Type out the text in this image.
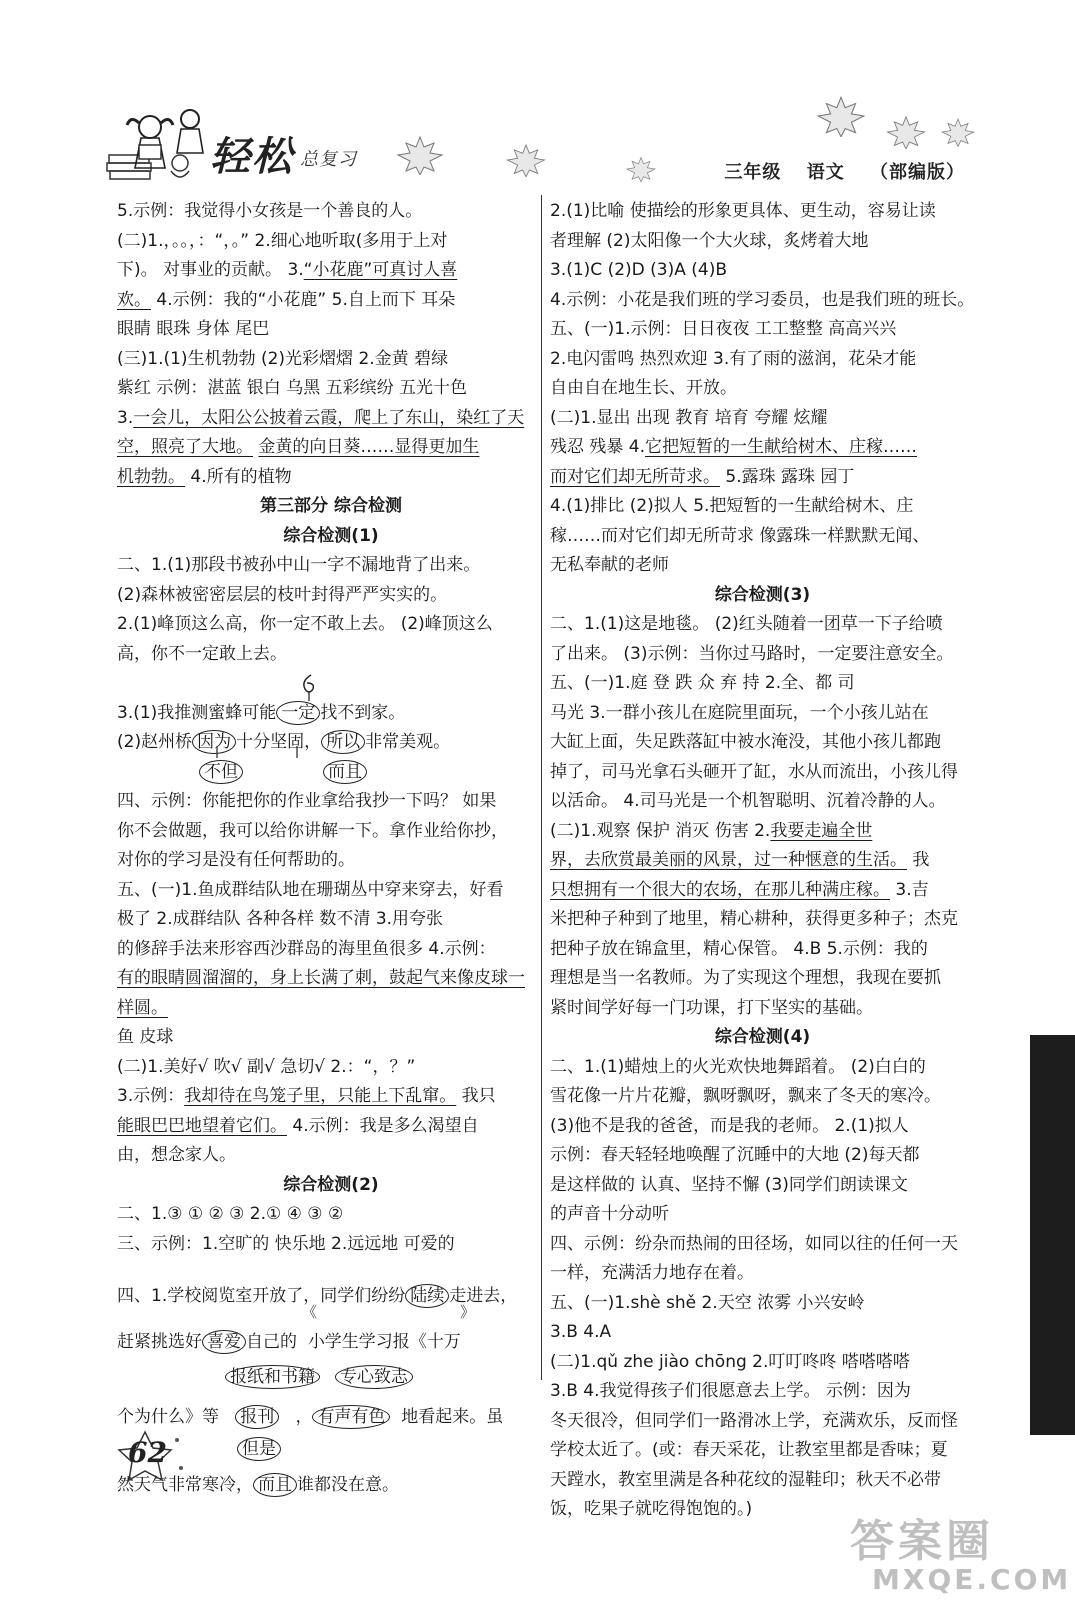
轻松 总复习
三年级 语文 （部编版）
5.示例：我觉得小女孩是一个善良的人。
(二)1.，。。，：“，。” 2.细心地听取(多用于上对
下)。 对事业的贡献。 3.“小花鹿”可真讨人喜
欢。 4.示例：我的“小花鹿” 5.自上而下 耳朵
眼睛 眼珠 身体 尾巴
(三)1.(1)生机勃勃 (2)光彩熠熠 2.金黄 碧绿
紫红 示例：湛蓝 银白 乌黑 五彩缤纷 五光十色
3.一会儿，太阳公公披着云霞，爬上了东山，染红了天
空，照亮了大地。 金黄的向日葵……显得更加生
机勃勃。 4.所有的植物
第三部分 综合检测
综合检测(1)
二、1.(1)那段书被孙中山一字不漏地背了出来。
(2)森林被密密层层的枝叶封得严严实实的。
2.(1)峰顶这么高，你一定不敢上去。 (2)峰顶这么
高，你不一定敢上去。
3.(1)我推测蜜蜂可能 一定 找不到家。
(2)赵州桥 因为 十分坚固， 所以 非常美观。
不但	而且
四、示例：你能把你的作业拿给我抄一下吗？ 如果
你不会做题，我可以给你讲解一下。拿作业给你抄，
对你的学习是没有任何帮助的。
五、(一)1.鱼成群结队地在珊瑚丛中穿来穿去，好看
极了 2.成群结队 各种各样 数不清 3.用夸张
的修辞手法来形容西沙群岛的海里鱼很多 4.示例：
有的眼睛圆溜溜的，身上长满了刺，鼓起气来像皮球一
样圆。
鱼 皮球
(二)1.美好√ 吹√ 副√ 急切√ 2.：“，？”
3.示例：我却待在鸟笼子里，只能上下乱窜。 我只
能眼巴巴地望着它们。 4.示例：我是多么渴望自
由，想念家人。
综合检测(2)
二、1.③ ① ② ③ 2.① ④ ③ ②
三、示例：1.空旷的 快乐地 2.远远地 可爱的
四、1.学校阅览室开放了，同学们纷纷 陆续 走进去，
赶紧挑选好 喜爱 自己的 小学生学习报《十万
《	》
报纸和书籍 专心致志
个为什么》等 报刊 ， 有声有色 地看起来。虽
但是
然天气非常寒冷， 而且 谁都没在意。
2.(1)比喻 使描绘的形象更具体、更生动，容易让读
者理解 (2)太阳像一个大火球，炙烤着大地
3.(1)C (2)D (3)A (4)B
4.示例：小花是我们班的学习委员，也是我们班的班长。
五、(一)1.示例：日日夜夜 工工整整 高高兴兴
2.电闪雷鸣 热烈欢迎 3.有了雨的滋润，花朵才能
自由自在地生长、开放。
(二)1.显出 出现 教育 培育 夸耀 炫耀
残忍 残暴 4.它把短暂的一生献给树木、庄稼……
而对它们却无所苛求。 5.露珠 露珠 园丁
4.(1)排比 (2)拟人 5.把短暂的一生献给树木、庄
稼……而对它们却无所苛求 像露珠一样默默无闻、
无私奉献的老师
综合检测(3)
二、1.(1)这是地毯。 (2)红头随着一团草一下子给喷
了出来。 (3)示例：当你过马路时，一定要注意安全。
五、(一)1.庭 登 跌 众 弃 持 2.全、都 司
马光 3.一群小孩儿在庭院里面玩，一个小孩儿站在
大缸上面，失足跌落缸中被水淹没，其他小孩儿都跑
掉了，司马光拿石头砸开了缸，水从而流出，小孩儿得
以活命。 4.司马光是一个机智聪明、沉着冷静的人。
(二)1.观察 保护 消灭 伤害 2.我要走遍全世
界，去欣赏最美丽的风景，过一种惬意的生活。 我
只想拥有一个很大的农场，在那儿种满庄稼。 3.吉
米把种子种到了地里，精心耕种，获得更多种子；杰克
把种子放在锦盒里，精心保管。 4.B 5.示例：我的
理想是当一名教师。为了实现这个理想，我现在要抓
紧时间学好每一门功课，打下坚实的基础。
综合检测(4)
二、1.(1)蜡烛上的火光欢快地舞蹈着。 (2)白白的
雪花像一片片花瓣，飘呀飘呀，飘来了冬天的寒冷。
(3)他不是我的爸爸，而是我的老师。 2.(1)拟人
示例：春天轻轻地唤醒了沉睡中的大地 (2)每天都
是这样做的 认真、坚持不懈 (3)同学们朗读课文
的声音十分动听
四、示例：纷杂而热闹的田径场，如同以往的任何一天
一样，充满活力地存在着。
五、(一)1.shè shě 2.天空 浓雾 小兴安岭
3.B 4.A
(二)1.qǔ zhe jiào chōng 2.叮叮咚咚 嗒嗒嗒嗒
3.B 4.我觉得孩子们很愿意去上学。 示例：因为
冬天很冷，但同学们一路滑冰上学，充满欢乐，反而怪
学校太近了。(或：春天采花，让教室里都是香味；夏
天蹚水，教室里满是各种花纹的湿鞋印；秋天不必带
饭，吃果子就吃得饱饱的。)
62
答案圈
MXQE.COM
